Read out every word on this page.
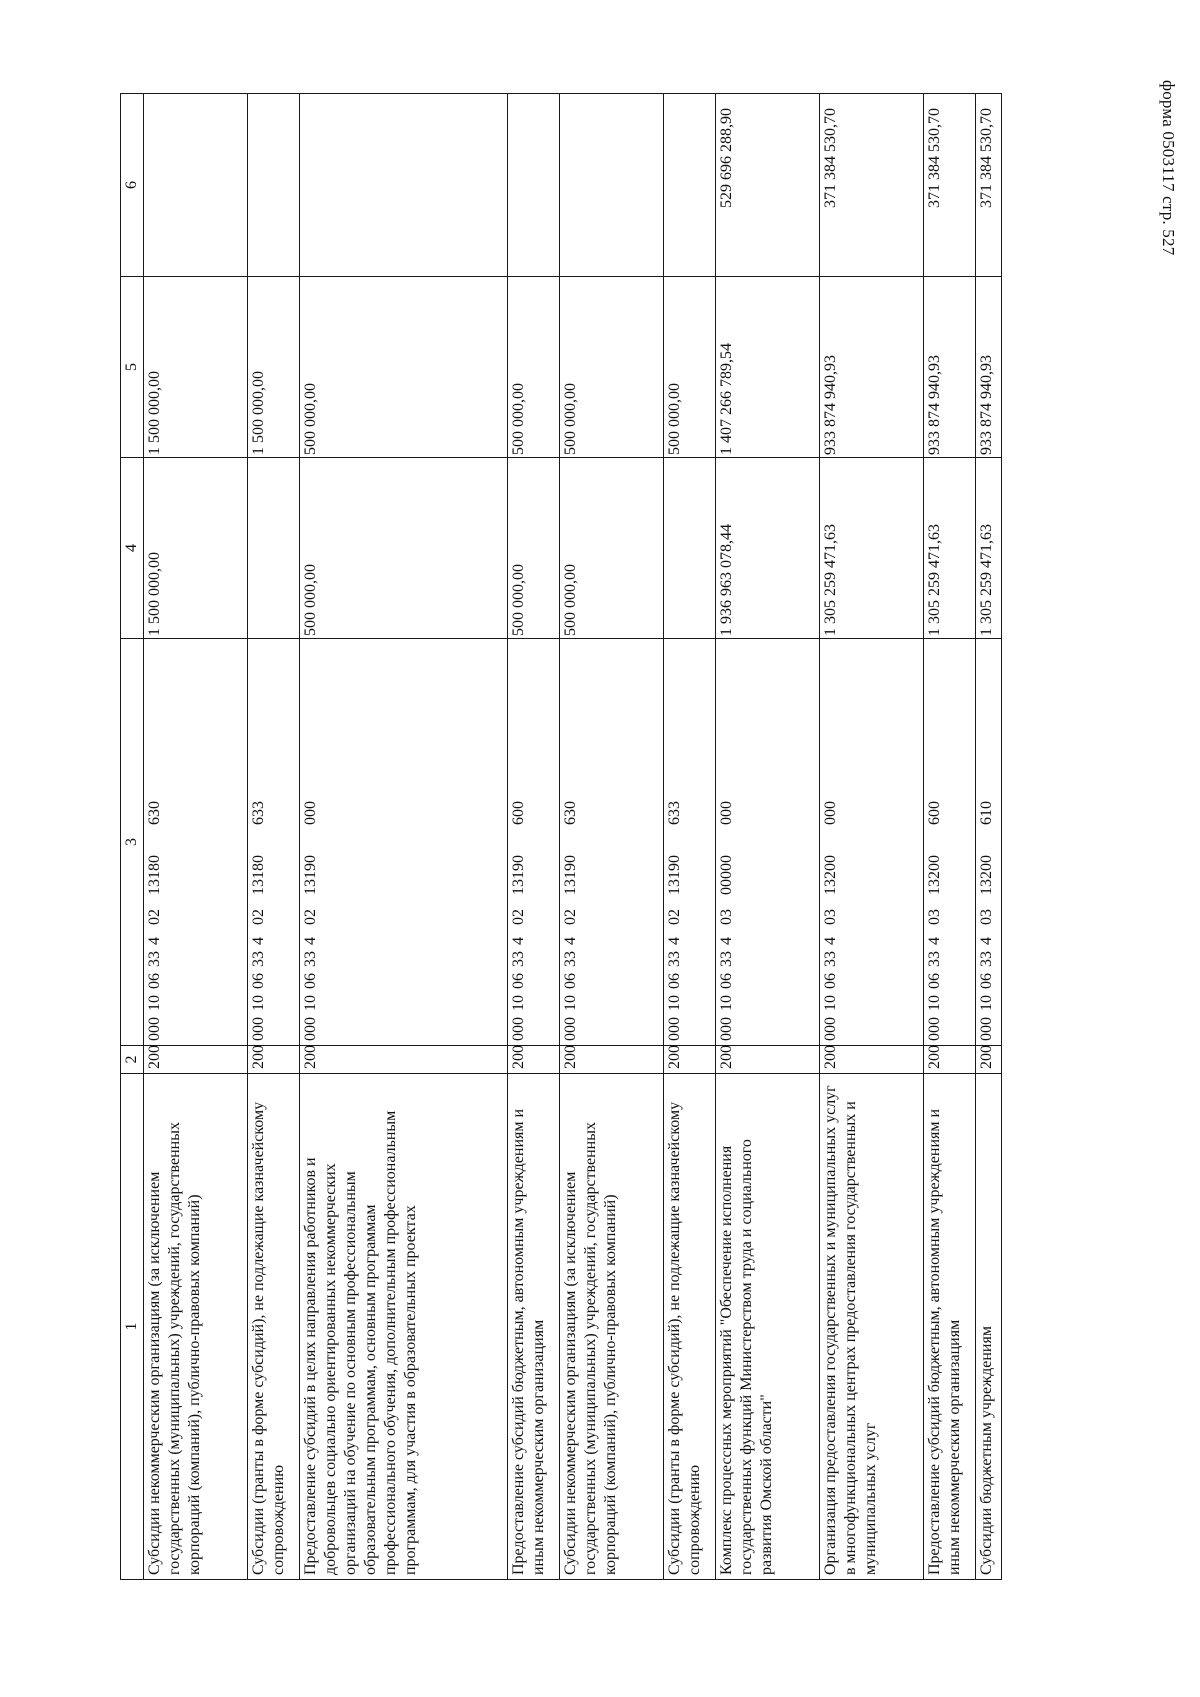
форма 0503117 стр. 527
1	2	3	4	5	6
Субсидии некоммерческим организациям (за исключением государственных (муниципальных) учреждений, государственных корпораций (компаний), публично-правовых компаний)	200	00010063340213180630	1 500 000,00	1 500 000,00	
Субсидии (гранты в форме субсидий), не подлежащие казначейскому сопровождению	200	00010063340213180633		1 500 000,00	
Предоставление субсидий в целях направления работников и добровольцев социально ориентированных некоммерческих организаций на обучение по основным профессиональным образовательным программам, основным программам профессионального обучения, дополнительным профессиональным программам, для участия в образовательных проектах	200	00010063340213190000	500 000,00	500 000,00	
Предоставление субсидий бюджетным, автономным учреждениям и иным некоммерческим организациям	200	00010063340213190600	500 000,00	500 000,00	
Субсидии некоммерческим организациям (за исключением государственных (муниципальных) учреждений, государственных корпораций (компаний), публично-правовых компаний)	200	00010063340213190630	500 000,00	500 000,00	
Субсидии (гранты в форме субсидий), не подлежащие казначейскому сопровождению	200	00010063340213190633		500 000,00	
Комплекс процессных мероприятий "Обеспечение исполнения государственных функций Министерством труда и социального развития Омской области"	200	00010063340300000000	1 936 963 078,44	1 407 266 789,54	529 696 288,90
Организация предоставления государственных и муниципальных услуг в многофункциональных центрах предоставления государственных и муниципальных услуг	200	00010063340313200000	1 305 259 471,63	933 874 940,93	371 384 530,70
Предоставление субсидий бюджетным, автономным учреждениям и иным некоммерческим организациям	200	00010063340313200600	1 305 259 471,63	933 874 940,93	371 384 530,70
Субсидии бюджетным учреждениям	200	00010063340313200610	1 305 259 471,63	933 874 940,93	371 384 530,70
